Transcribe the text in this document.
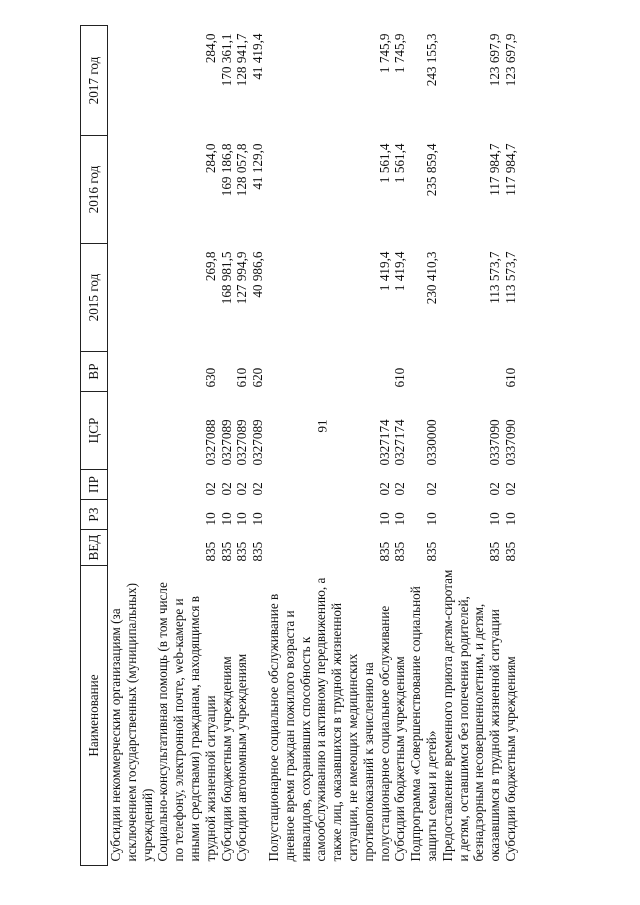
91
Наименование	ВЕД	РЗ	ПР	ЦСР	ВР	2015 год	2016 год	2017 год
Субсидии некоммерческим организациям (за исключением государственных (муниципальных) учреждений)								
Социально-консультативная помощь (в том числе по телефону, электронной почте, web-камере и иными средствами) гражданам, находящимся в трудной жизненной ситуации	835	10	02	0327088	630	269,8	284,0	284,0
Субсидии бюджетным учреждениям	835	10	02	0327089		168 981,5	169 186,8	170 361,1
Субсидии автономным учреждениям	835	10	02	0327089	610	127 994,9	128 057,8	128 941,7
	835	10	02	0327089	620	40 986,6	41 129,0	41 419,4
Полустационарное социальное обслуживание в дневное время граждан пожилого возраста и инвалидов, сохранивших способность к самообслуживанию и активному передвижению, а также лиц, оказавшихся в трудной жизненной ситуации, не имеющих медицинских противопоказаний к зачислению на полустационарное социальное обслуживание	835	10	02	0327174		1 419,4	1 561,4	1 745,9
Субсидии бюджетным учреждениям	835	10	02	0327174	610	1 419,4	1 561,4	1 745,9
Подпрограмма «Совершенствование социальной защиты семьи и детей»	835	10	02	0330000		230 410,3	235 859,4	243 155,3
Предоставление временного приюта детям-сиротам и детям, оставшимся без попечения родителей, безнадзорным несовершеннолетним, и детям, оказавшимся в трудной жизненной ситуации	835	10	02	0337090		113 573,7	117 984,7	123 697,9
Субсидии бюджетным учреждениям	835	10	02	0337090	610	113 573,7	117 984,7	123 697,9
